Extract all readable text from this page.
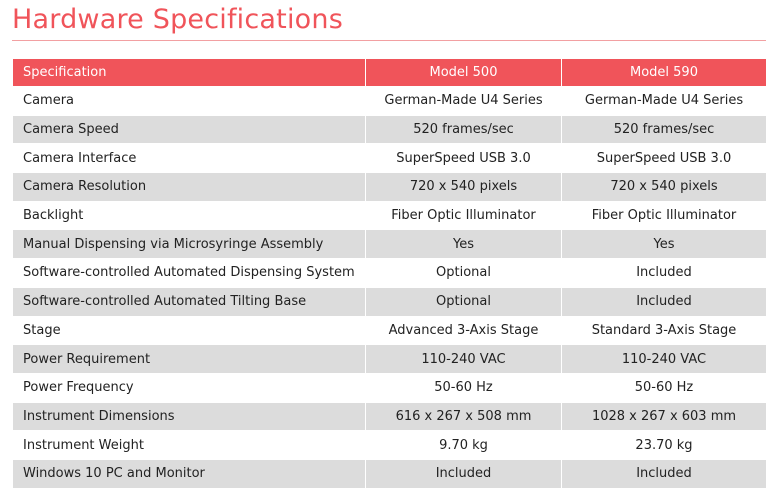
Hardware Specifications
Specification	Model 500	Model 590
Camera	German-Made U4 Series	German-Made U4 Series
Camera Speed	520 frames/sec	520 frames/sec
Camera Interface	SuperSpeed USB 3.0	SuperSpeed USB 3.0
Camera Resolution	720 x 540 pixels	720 x 540 pixels
Backlight	Fiber Optic Illuminator	Fiber Optic Illuminator
Manual Dispensing via Microsyringe Assembly	Yes	Yes
Software-controlled Automated Dispensing System	Optional	Included
Software-controlled Automated Tilting Base	Optional	Included
Stage	Advanced 3-Axis Stage	Standard 3-Axis Stage
Power Requirement	110-240 VAC	110-240 VAC
Power Frequency	50-60 Hz	50-60 Hz
Instrument Dimensions	616 x 267 x 508 mm	1028 x 267 x 603 mm
Instrument Weight	9.70 kg	23.70 kg
Windows 10 PC and Monitor	Included	Included
